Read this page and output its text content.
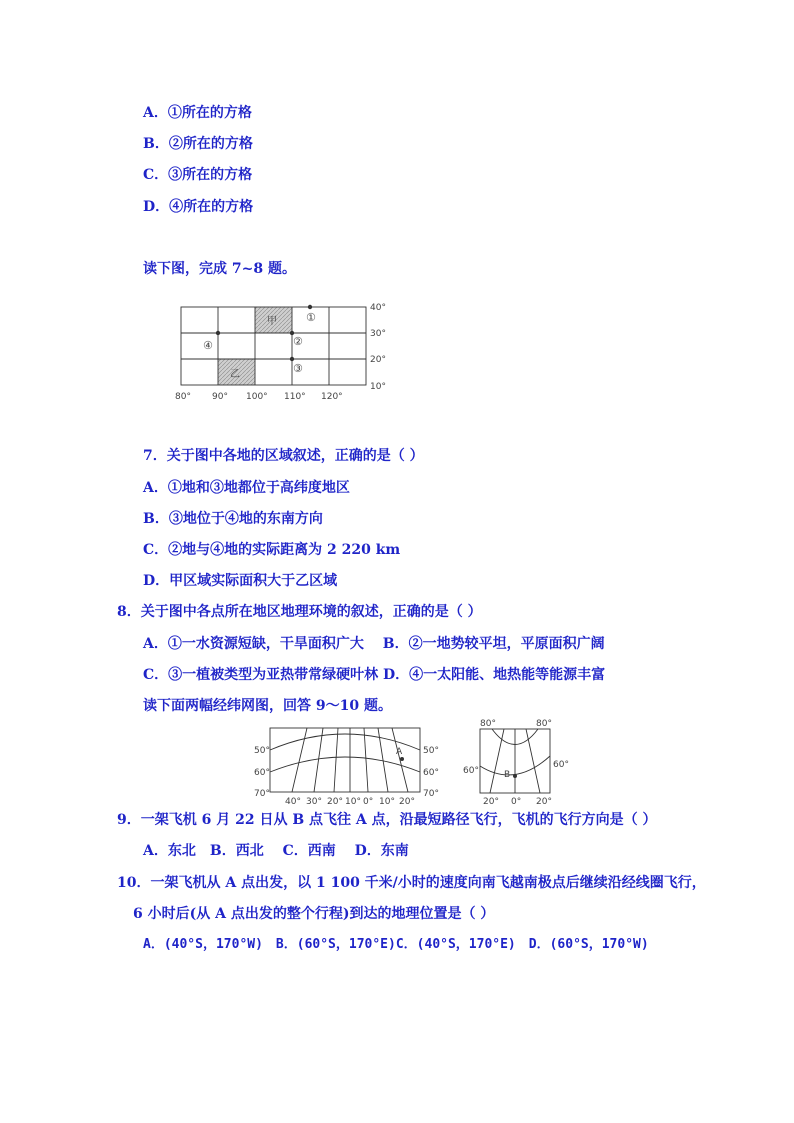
A．①所在的方格
B．②所在的方格
C．③所在的方格
D．④所在的方格
读下图，完成 7~8 题。
①
②
③
④
甲
乙
40°
30°
20°
10°
80° 90° 100° 110° 120°
7．关于图中各地的区域叙述，正确的是（ ）
A．①地和③地都位于高纬度地区
B．③地位于④地的东南方向
C．②地与④地的实际距离为 2 220 km
D．甲区域实际面积大于乙区域
8．关于图中各点所在地区地理环境的叙述，正确的是（ ）
A．①一水资源短缺，干旱面积广大　 B．②一地势较平坦，平原面积广阔
C．③一植被类型为亚热带常绿硬叶林 D．④一太阳能、地热能等能源丰富
读下面两幅经纬网图，回答 9～10 题。
A
50°
60°
70°
50°
60°
70°
40° 30° 20° 10° 0° 10° 20°
B
80°	80°
60°
60°
20° 0° 20°
9．一架飞机 6 月 22 日从 B 点飞往 A 点，沿最短路径飞行，飞机的飞行方向是（ ）
A．东北　B．西北　 C．西南　 D．东南
10．一架飞机从 A 点出发，以 1 100 千米/小时的速度向南飞越南极点后继续沿经线圈飞行，
6 小时后(从 A 点出发的整个行程)到达的地理位置是（ ）
A．(40°S，170°W)　B．(60°S，170°E)C．(40°S，170°E)　D．(60°S，170°W)
